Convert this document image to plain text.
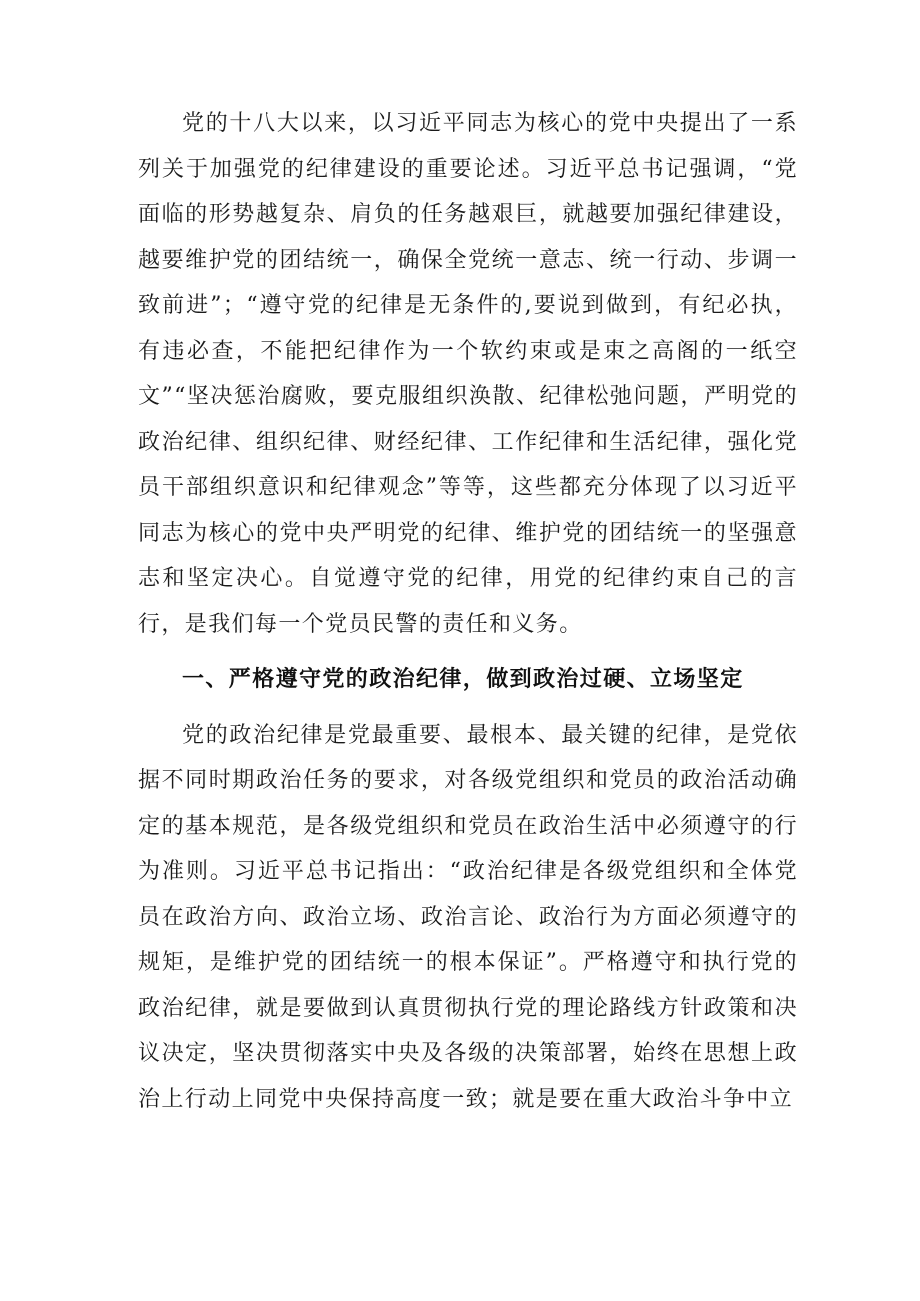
党的十八大以来，以习近平同志为核心的党中央提出了一系列关于加强党的纪律建设的重要论述。习近平总书记强调，“党面临的形势越复杂、肩负的任务越艰巨，就越要加强纪律建设，越要维护党的团结统一，确保全党统一意志、统一行动、步调一致前进”；“遵守党的纪律是无条件的,要说到做到，有纪必执，有违必查，不能把纪律作为一个软约束或是束之高阁的一纸空文”“坚决惩治腐败，要克服组织涣散、纪律松弛问题，严明党的政治纪律、组织纪律、财经纪律、工作纪律和生活纪律，强化党员干部组织意识和纪律观念”等等，这些都充分体现了以习近平同志为核心的党中央严明党的纪律、维护党的团结统一的坚强意志和坚定决心。自觉遵守党的纪律，用党的纪律约束自己的言行，是我们每一个党员民警的责任和义务。

一、严格遵守党的政治纪律，做到政治过硬、立场坚定

党的政治纪律是党最重要、最根本、最关键的纪律，是党依据不同时期政治任务的要求，对各级党组织和党员的政治活动确定的基本规范，是各级党组织和党员在政治生活中必须遵守的行为准则。习近平总书记指出：“政治纪律是各级党组织和全体党员在政治方向、政治立场、政治言论、政治行为方面必须遵守的规矩，是维护党的团结统一的根本保证”。严格遵守和执行党的政治纪律，就是要做到认真贯彻执行党的理论路线方针政策和决议决定，坚决贯彻落实中央及各级的决策部署，始终在思想上政治上行动上同党中央保持高度一致；就是要在重大政治斗争中立
